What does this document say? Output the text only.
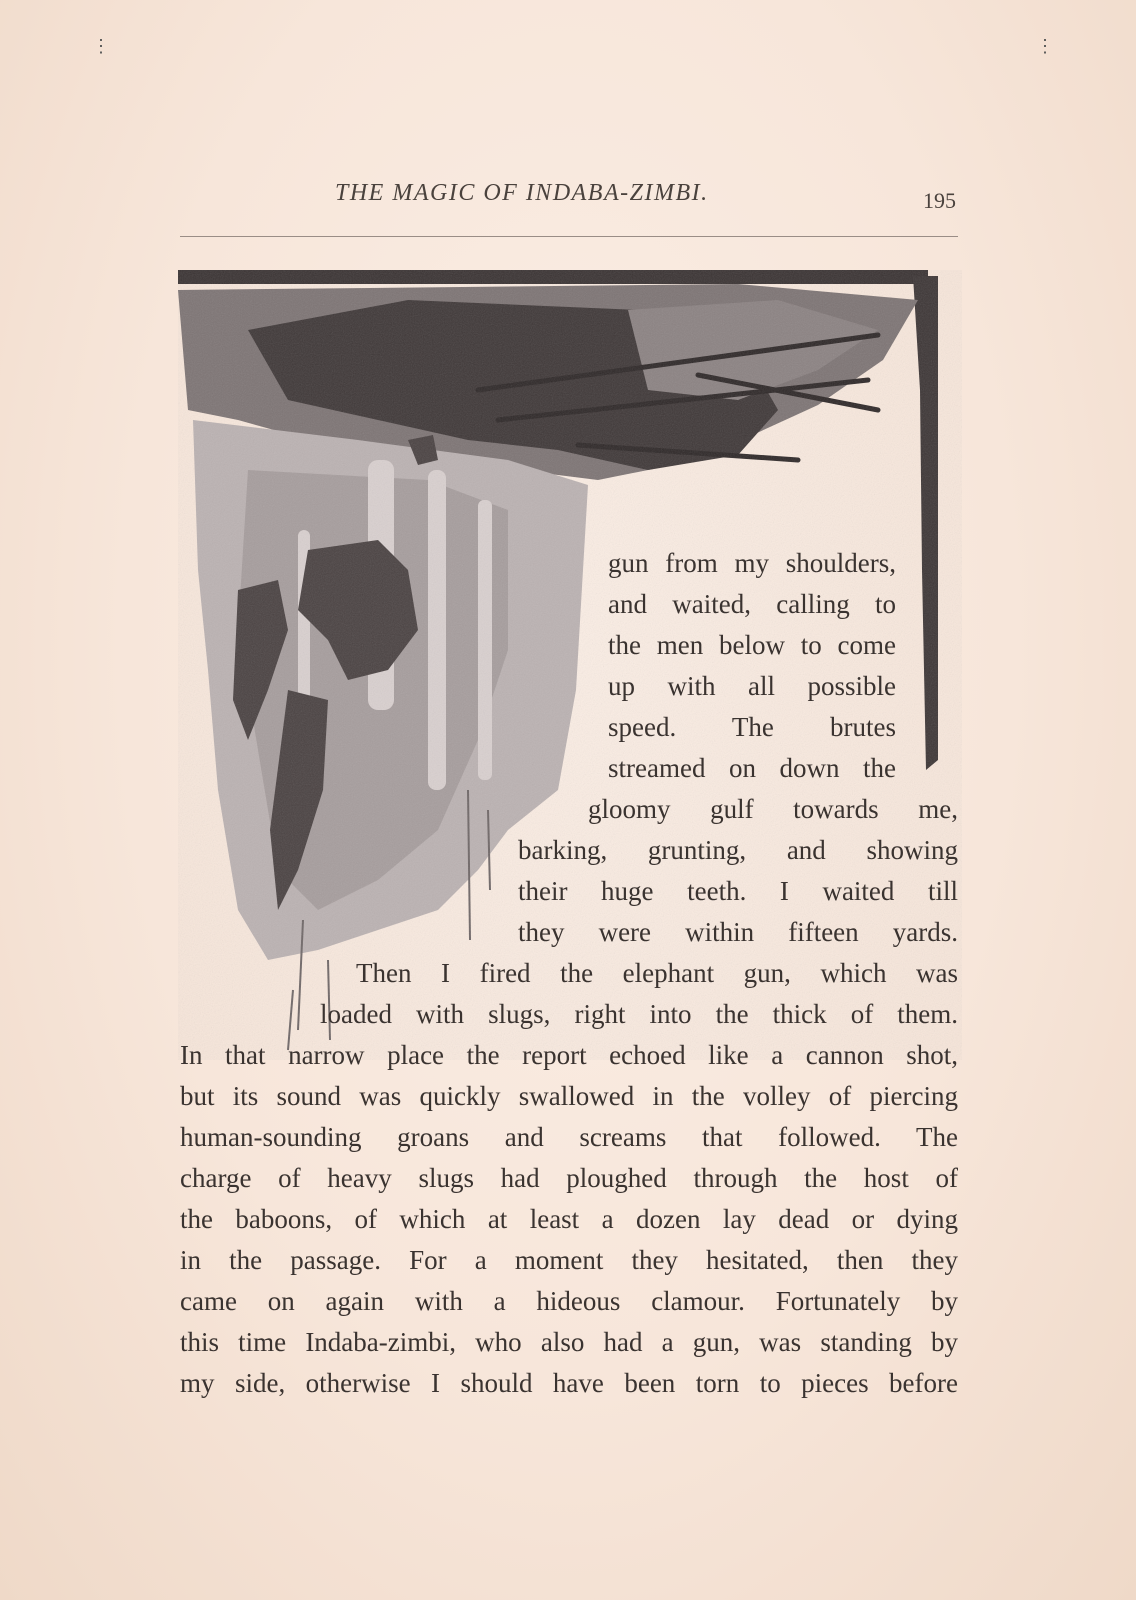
⋮	⋮
THE MAGIC OF INDABA-ZIMBI.	195
gun from my shoulders,
and waited, calling to
the men below to come
up with all possible
speed. The brutes
streamed on down the
gloomy gulf towards me,
barking, grunting, and showing
their huge teeth. I waited till
they were within fifteen yards.
Then I fired the elephant gun, which was
loaded with slugs, right into the thick of them.
In that narrow place the report echoed like a cannon shot,
but its sound was quickly swallowed in the volley of piercing
human-sounding groans and screams that followed. The
charge of heavy slugs had ploughed through the host of
the baboons, of which at least a dozen lay dead or dying
in the passage. For a moment they hesitated, then they
came on again with a hideous clamour. Fortunately by
this time Indaba-zimbi, who also had a gun, was standing by
my side, otherwise I should have been torn to pieces before
